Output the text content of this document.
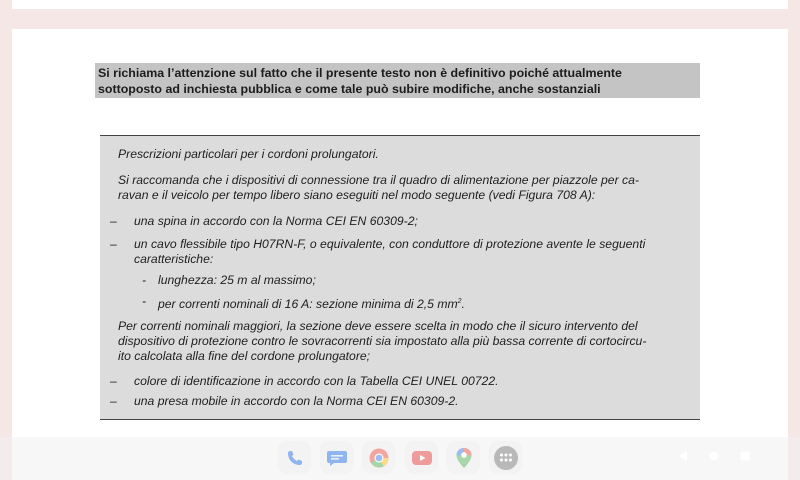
Si richiama l’attenzione sul fatto che il presente testo non è definitivo poiché attualmente
sottoposto ad inchiesta pubblica e come tale può subire modifiche, anche sostanziali

Prescrizioni particolari per i cordoni prolungatori.

Si raccomanda che i dispositivi di connessione tra il quadro di alimentazione per piazzole per ca-

ravan e il veicolo per tempo libero siano eseguiti nel modo seguente (vedi Figura 708 A):

– una spina in accordo con la Norma CEI EN 60309-2;

– un cavo flessibile tipo H07RN-F, o equivalente, con conduttore di protezione avente le seguenti

caratteristiche:

- lunghezza: 25 m al massimo;

- per correnti nominali di 16 A: sezione minima di 2,5 $mm^2$.

Per correnti nominali maggiori, la sezione deve essere scelta in modo che il sicuro intervento del

dispositivo di protezione contro le sovracorrenti sia impostato alla più bassa corrente di cortocircu-

ito calcolata alla fine del cordone prolungatore;

– colore di identificazione in accordo con la Tabella CEI UNEL 00722.

– una presa mobile in accordo con la Norma CEI EN 60309-2.
